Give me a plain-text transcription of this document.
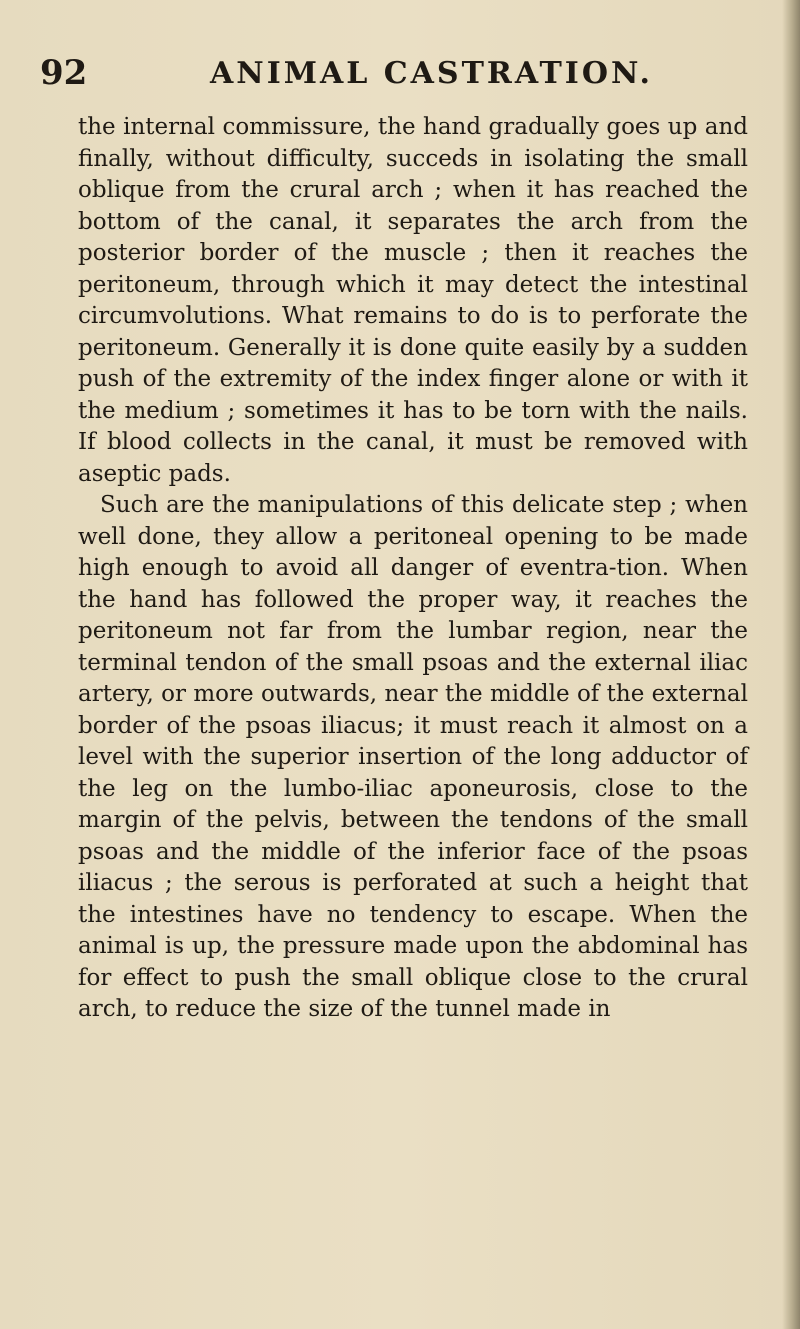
92	ANIMAL CASTRATION.

the internal commissure, the hand gradually goes up and finally, without difficulty, succeds in isolating the small oblique from the crural arch ; when it has reached the bottom of the canal, it separates the arch from the posterior border of the muscle ; then it reaches the peritoneum, through which it may detect the intestinal circumvolutions. What remains to do is to perforate the peritoneum. Generally it is done quite easily by a sudden push of the extremity of the index finger alone or with it the medium ; sometimes it has to be torn with the nails. If blood collects in the canal, it must be removed with aseptic pads.

Such are the manipulations of this delicate step ; when well done, they allow a peritoneal opening to be made high enough to avoid all danger of eventra-tion. When the hand has followed the proper way, it reaches the peritoneum not far from the lumbar region, near the terminal tendon of the small psoas and the external iliac artery, or more outwards, near the middle of the external border of the psoas iliacus; it must reach it almost on a level with the superior insertion of the long adductor of the leg on the lumbo-iliac aponeurosis, close to the margin of the pelvis, between the tendons of the small psoas and the middle of the inferior face of the psoas iliacus ; the serous is perforated at such a height that the intestines have no tendency to escape. When the animal is up, the pressure made upon the abdominal has for effect to push the small oblique close to the crural arch, to reduce the size of the tunnel made in
